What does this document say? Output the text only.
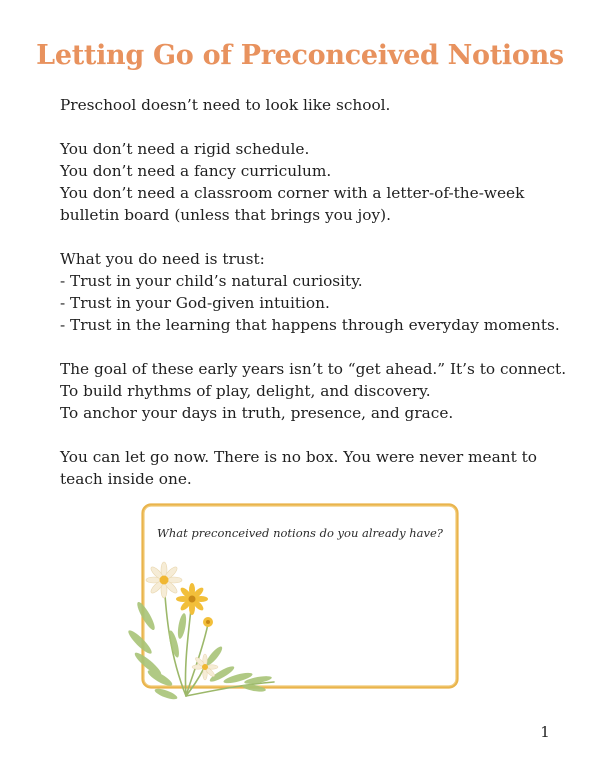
Letting Go of Preconceived Notions

Preschool doesn’t need to look like school.

You don’t need a rigid schedule.
You don’t need a fancy curriculum.
You don’t need a classroom corner with a letter-of-the-week
bulletin board (unless that brings you joy).

What you do need is trust:
- Trust in your child’s natural curiosity.
- Trust in your God-given intuition.
- Trust in the learning that happens through everyday moments.

The goal of these early years isn’t to “get ahead.” It’s to connect.
To build rhythms of play, delight, and discovery.
To anchor your days in truth, presence, and grace.

You can let go now. There is no box. You were never meant to
teach inside one.

What preconceived notions do you already have?
1
